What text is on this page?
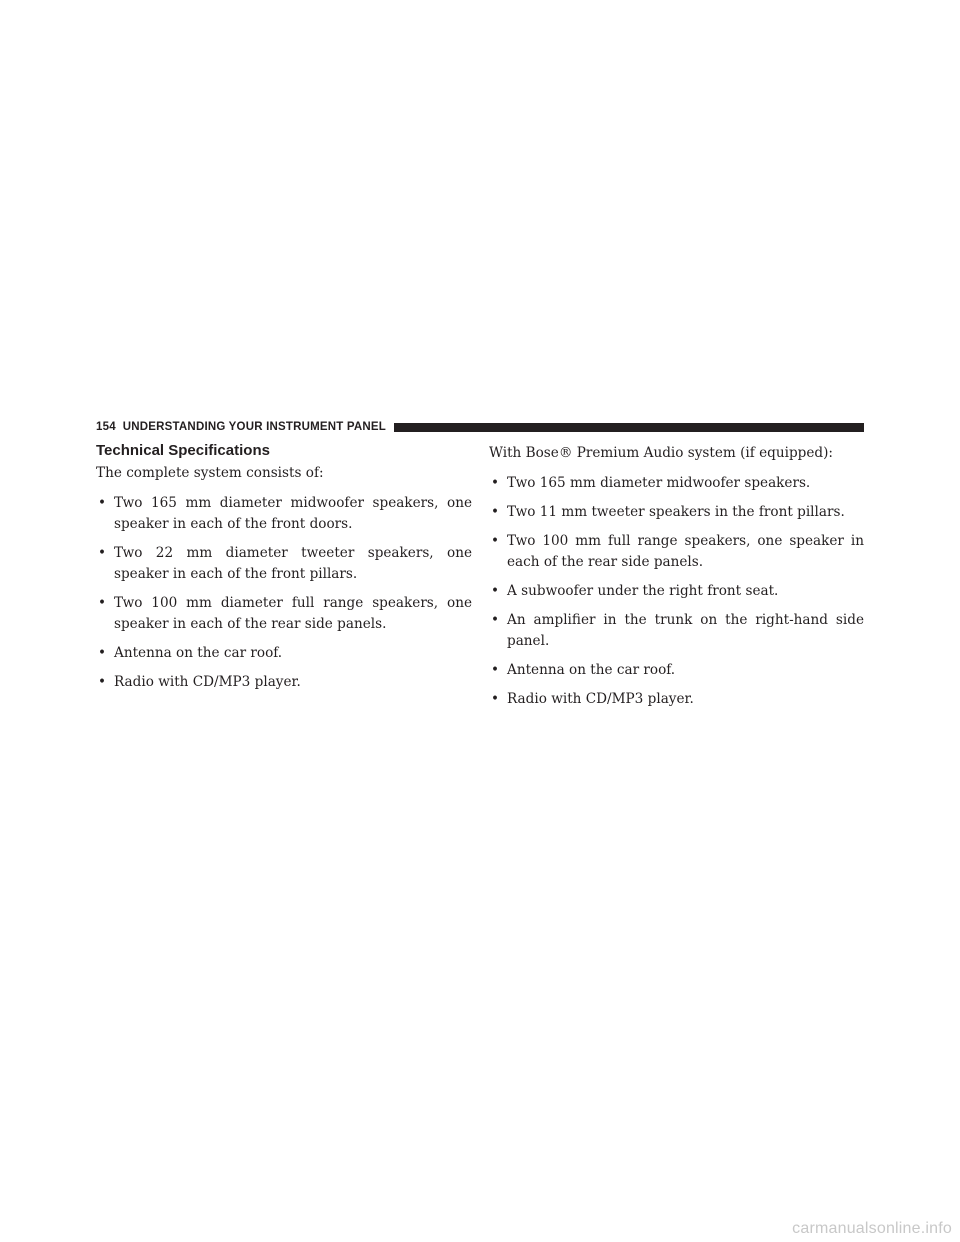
154 UNDERSTANDING YOUR INSTRUMENT PANEL
Technical Specifications

The complete system consists of:

• Two 165 mm diameter midwoofer speakers, one speaker in each of the front doors.
• Two 22 mm diameter tweeter speakers, one speaker in each of the front pillars.
• Two 100 mm diameter full range speakers, one speaker in each of the rear side panels.
• Antenna on the car roof.
• Radio with CD/MP3 player.

With Bose® Premium Audio system (if equipped):

• Two 165 mm diameter midwoofer speakers.
• Two 11 mm tweeter speakers in the front pillars.
• Two 100 mm full range speakers, one speaker in each of the rear side panels.
• A subwoofer under the right front seat.
• An amplifier in the trunk on the right-hand side panel.
• Antenna on the car roof.
• Radio with CD/MP3 player.
carmanualsonline.info
